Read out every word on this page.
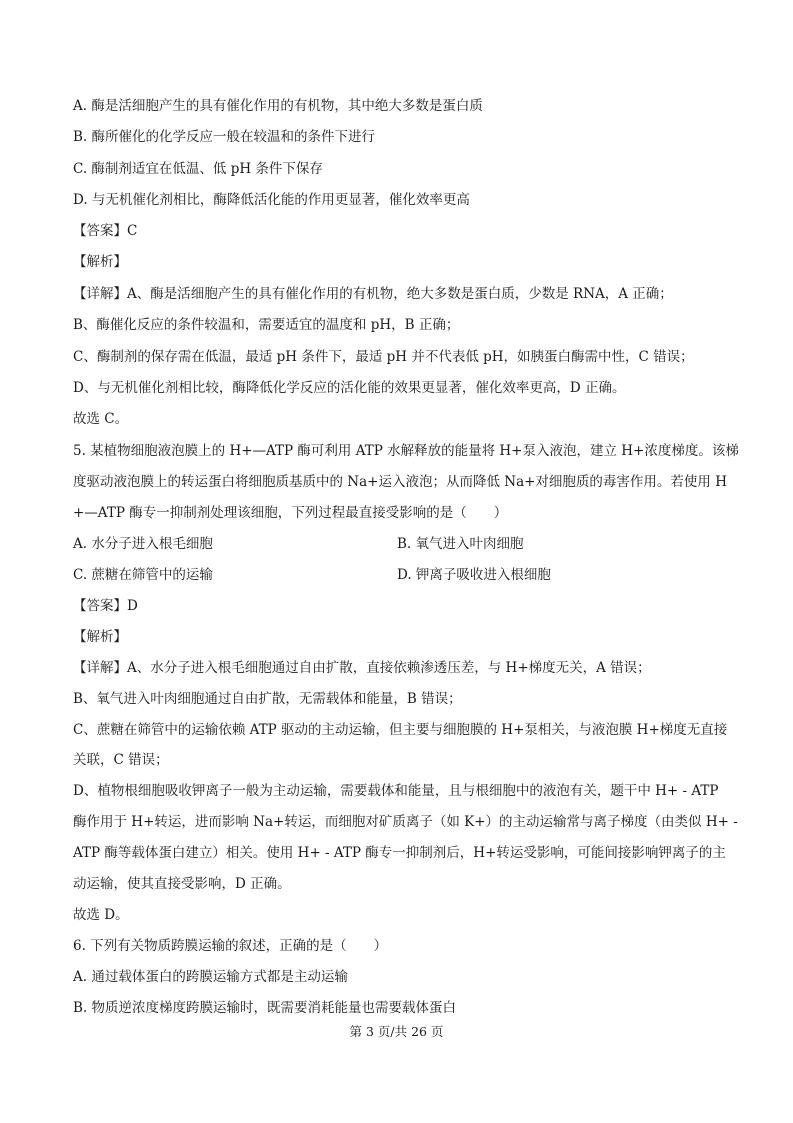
A. 酶是活细胞产生的具有催化作用的有机物，其中绝大多数是蛋白质
B. 酶所催化的化学反应一般在较温和的条件下进行
C. 酶制剂适宜在低温、低 pH 条件下保存
D. 与无机催化剂相比，酶降低活化能的作用更显著，催化效率更高
【答案】C
【解析】
【详解】A、酶是活细胞产生的具有催化作用的有机物，绝大多数是蛋白质，少数是 RNA，A 正确；
B、酶催化反应的条件较温和，需要适宜的温度和 pH，B 正确；
C、酶制剂的保存需在低温，最适 pH 条件下，最适 pH 并不代表低 pH，如胰蛋白酶需中性，C 错误；
D、与无机催化剂相比较，酶降低化学反应的活化能的效果更显著，催化效率更高，D 正确。
故选 C。
5. 某植物细胞液泡膜上的 H+—ATP 酶可利用 ATP 水解释放的能量将 H+泵入液泡，建立 H+浓度梯度。该梯
度驱动液泡膜上的转运蛋白将细胞质基质中的 Na+运入液泡；从而降低 Na+对细胞质的毒害作用。若使用 H
+—ATP 酶专一抑制剂处理该细胞，下列过程最直接受影响的是（　　）
A. 水分子进入根毛细胞	B. 氧气进入叶肉细胞
C. 蔗糖在筛管中的运输	D. 钾离子吸收进入根细胞
【答案】D
【解析】
【详解】A、水分子进入根毛细胞通过自由扩散，直接依赖渗透压差，与 H+梯度无关，A 错误；
B、氧气进入叶肉细胞通过自由扩散，无需载体和能量，B 错误；
C、蔗糖在筛管中的运输依赖 ATP 驱动的主动运输，但主要与细胞膜的 H+泵相关，与液泡膜 H+梯度无直接
关联，C 错误；
D、植物根细胞吸收钾离子一般为主动运输，需要载体和能量，且与根细胞中的液泡有关，题干中 H+ - ATP
酶作用于 H+转运，进而影响 Na+转运，而细胞对矿质离子（如 K+）的主动运输常与离子梯度（由类似 H+ -
ATP 酶等载体蛋白建立）相关。使用 H+ - ATP 酶专一抑制剂后，H+转运受影响，可能间接影响钾离子的主
动运输，使其直接受影响，D 正确。
故选 D。
6. 下列有关物质跨膜运输的叙述，正确的是（　　）
A. 通过载体蛋白的跨膜运输方式都是主动运输
B. 物质逆浓度梯度跨膜运输时，既需要消耗能量也需要载体蛋白
第 3 页/共 26 页
